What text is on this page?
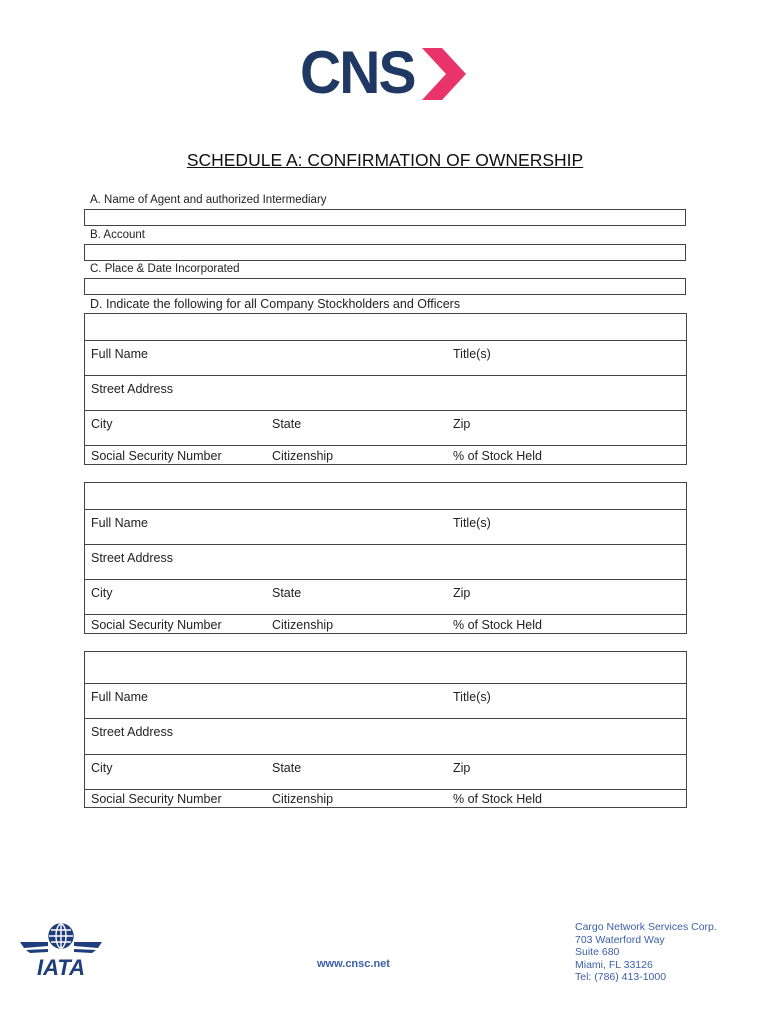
CNS
SCHEDULE A: CONFIRMATION OF OWNERSHIP
A. Name of Agent and authorized Intermediary
B. Account
C. Place & Date Incorporated
D. Indicate the following for all Company Stockholders and Officers
Full Name	Title(s)
Street Address
City	State	Zip
Social Security Number	Citizenship	% of Stock Held
Full Name	Title(s)
Street Address
City	State	Zip
Social Security Number	Citizenship	% of Stock Held
Full Name	Title(s)
Street Address
City	State	Zip
Social Security Number	Citizenship	% of Stock Held
IATA	www.cnsc.net
Cargo Network Services Corp.
703 Waterford Way
Suite 680
Miami, FL 33126
Tel: (786) 413-1000
